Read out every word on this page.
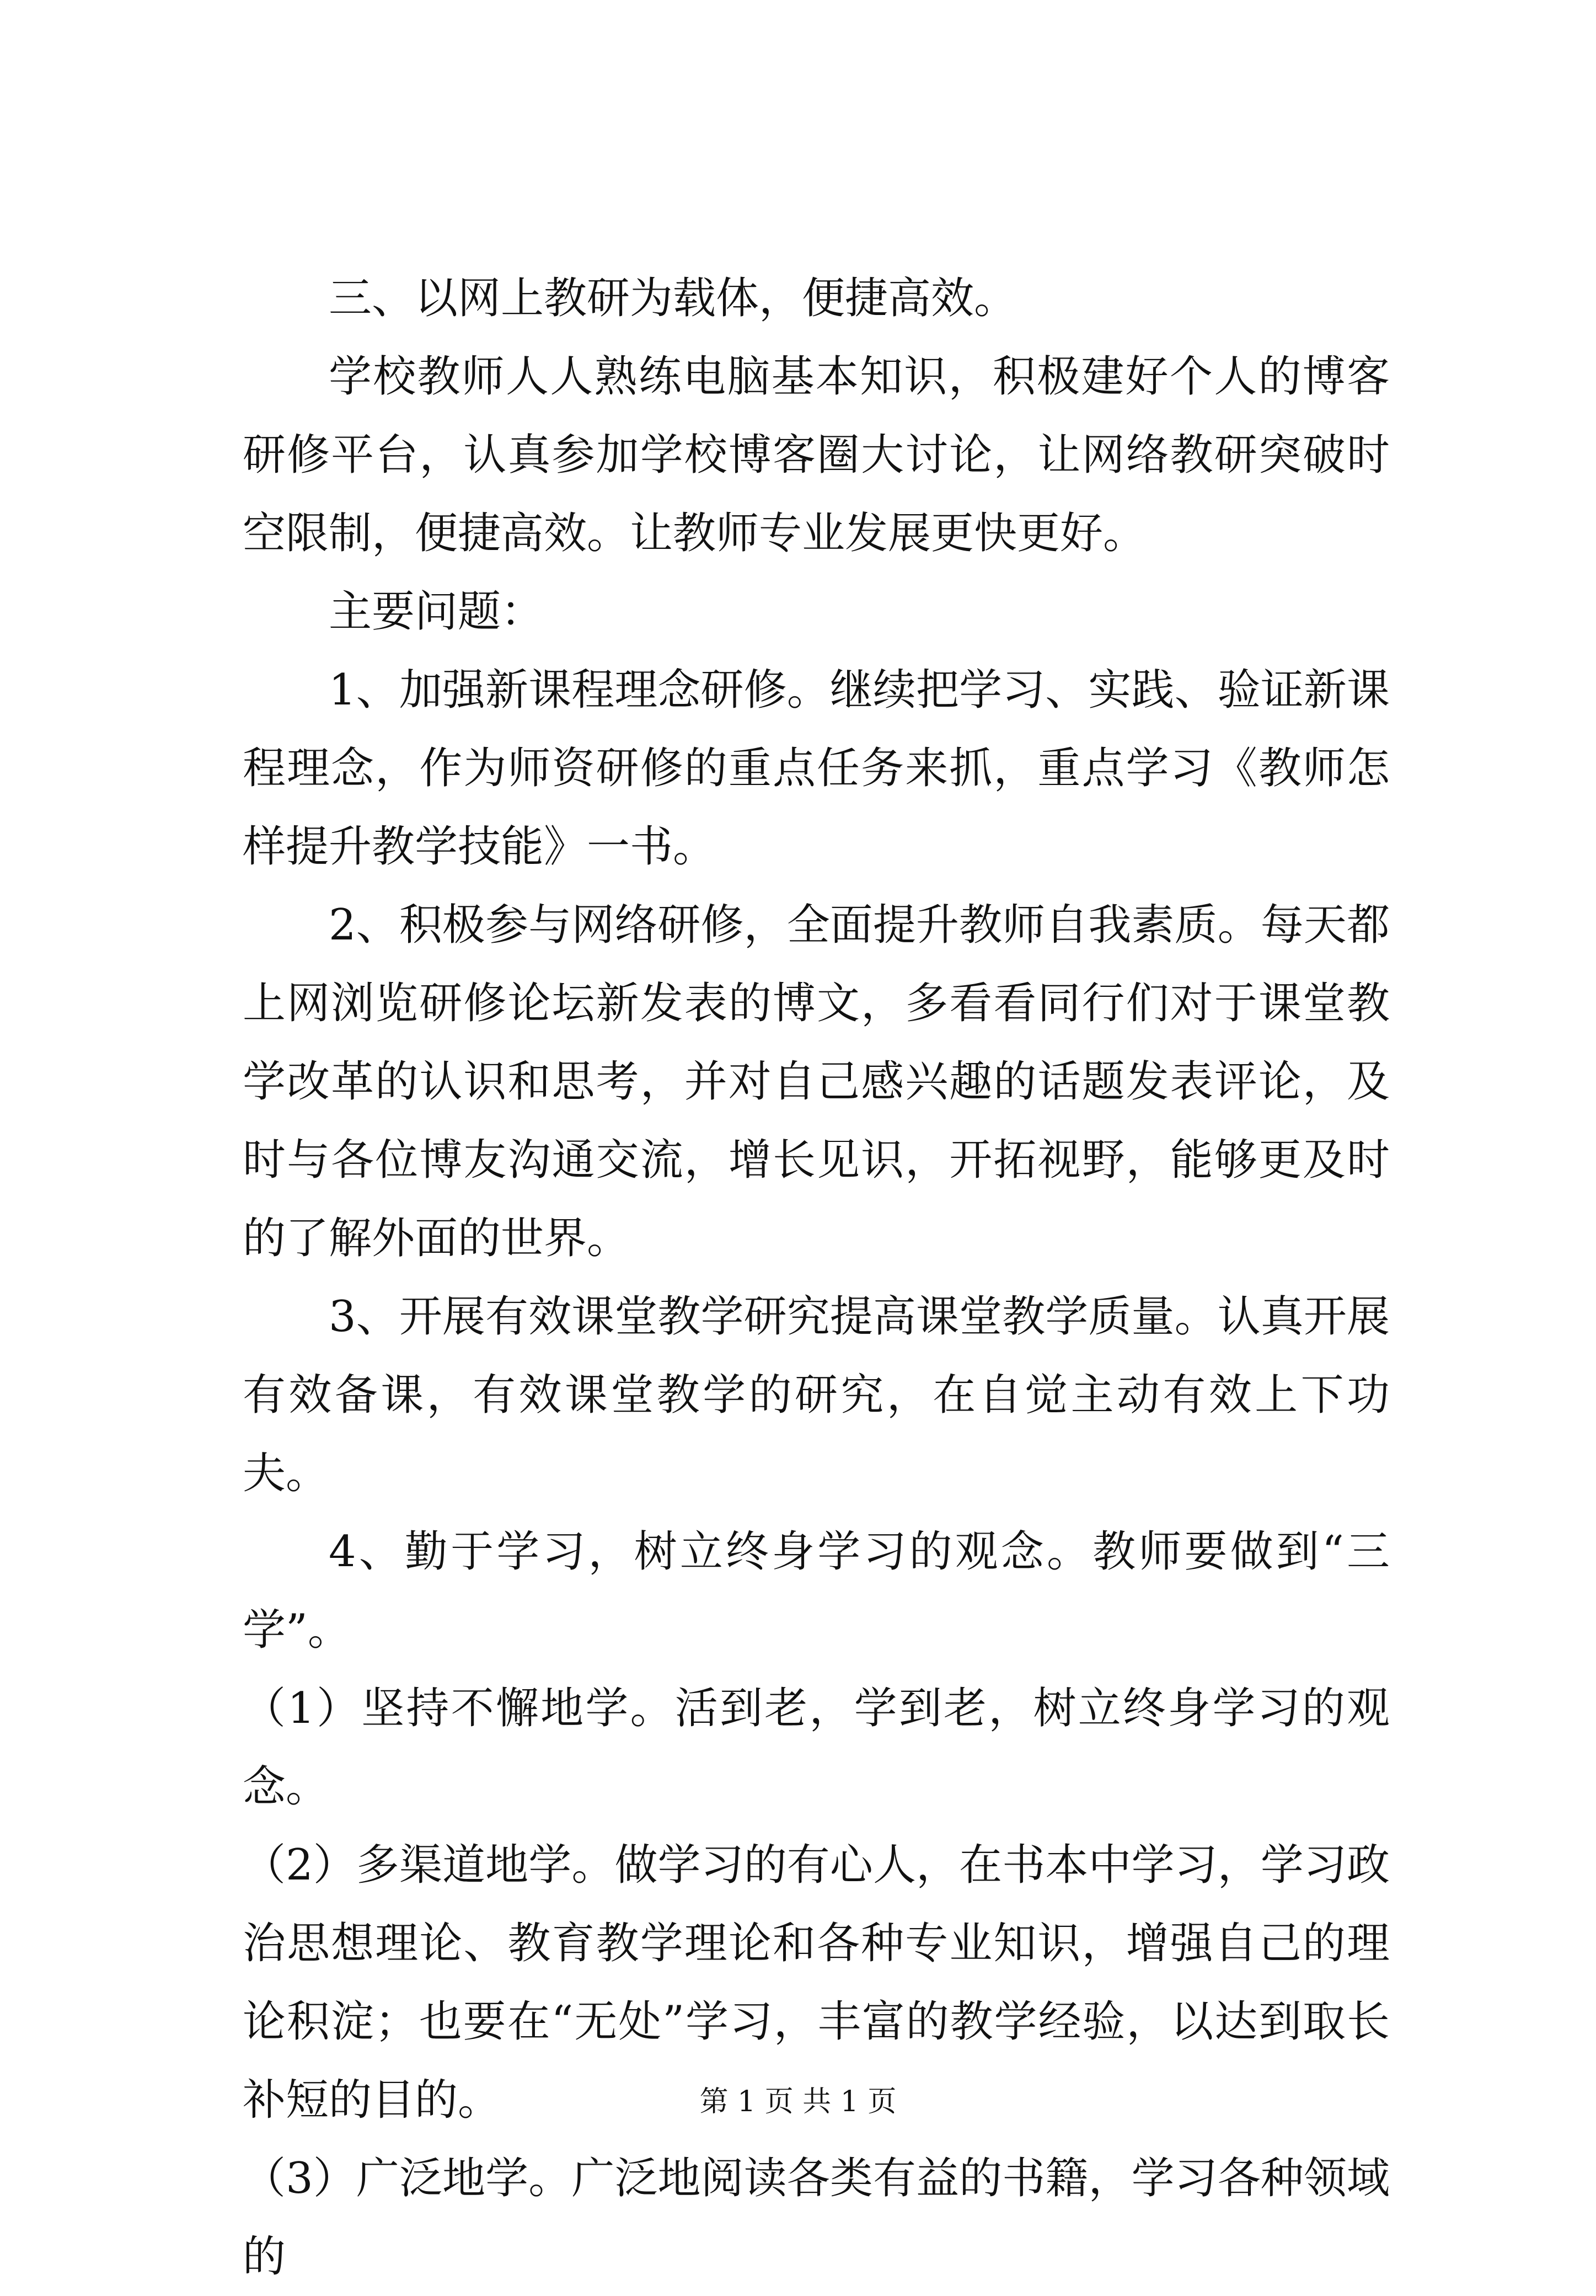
三、以网上教研为载体，便捷高效。

学校教师人人熟练电脑基本知识，积极建好个人的博客研修平台，认真参加学校博客圈大讨论，让网络教研突破时空限制，便捷高效。让教师专业发展更快更好。

主要问题：

1、加强新课程理念研修。继续把学习、实践、验证新课程理念，作为师资研修的重点任务来抓，重点学习《教师怎样提升教学技能》一书。

2、积极参与网络研修，全面提升教师自我素质。每天都上网浏览研修论坛新发表的博文，多看看同行们对于课堂教学改革的认识和思考，并对自己感兴趣的话题发表评论，及时与各位博友沟通交流，增长见识，开拓视野，能够更及时的了解外面的世界。

3、开展有效课堂教学研究提高课堂教学质量。认真开展有效备课，有效课堂教学的研究，在自觉主动有效上下功夫。

4、勤于学习，树立终身学习的观念。教师要做到“三学”。

（1）坚持不懈地学。活到老，学到老，树立终身学习的观念。

（2）多渠道地学。做学习的有心人，在书本中学习，学习政治思想理论、教育教学理论和各种专业知识，增强自己的理论积淀；也要在“无处”学习，丰富的教学经验，以达到取长补短的目的。

（3）广泛地学。广泛地阅读各类有益的书籍，学习各种领域的

第 1 页 共 1 页
